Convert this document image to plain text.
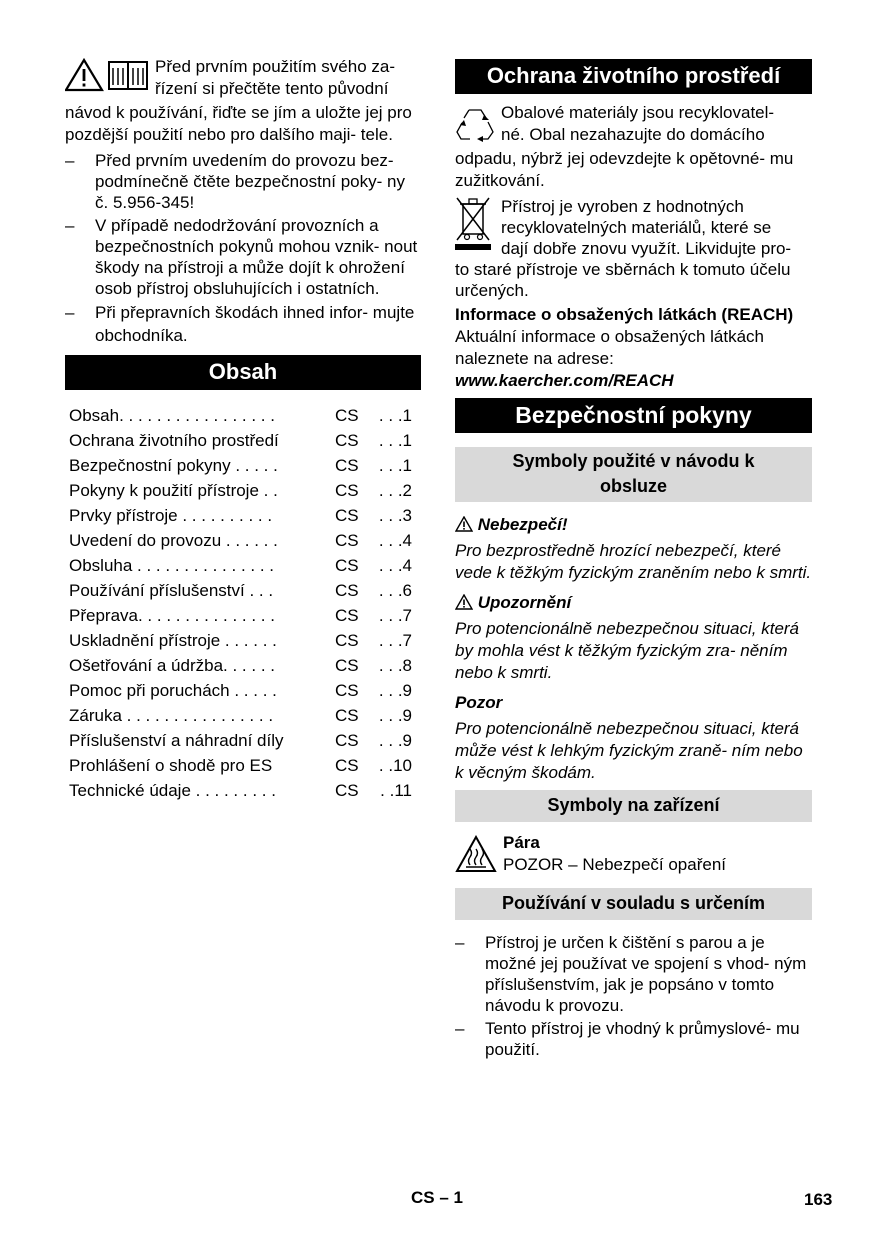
Před prvním použitím svého za-

řízení si přečtěte tento původní

návod k používání, řiďte se jím a uložte jej pro pozdější použití nebo pro dalšího maji- tele.

–	Před prvním uvedením do provozu bez- podmínečně čtěte bezpečnostní poky- ny č. 5.956-345!
–	V případě nedodržování provozních a bezpečnostních pokynů mohou vznik- nout škody na přístroji a může dojít k ohrožení osob přístroj obsluhujících i ostatních.
–	Při přepravních škodách ihned infor- mujte obchodníka.
Obsah
Obsah. . . . . . . . . . . . . . . . .	CS	. . .1
Ochrana životního prostředí	CS	. . .1
Bezpečnostní pokyny . . . . .	CS	. . .1
Pokyny k použití přístroje . .	CS	. . .2
Prvky přístroje . . . . . . . . . .	CS	. . .3
Uvedení do provozu . . . . . .	CS	. . .4
Obsluha . . . . . . . . . . . . . . .	CS	. . .4
Používání příslušenství . . .	CS	. . .6
Přeprava. . . . . . . . . . . . . . .	CS	. . .7
Uskladnění přístroje . . . . . .	CS	. . .7
Ošetřování a údržba. . . . . .	CS	. . .8
Pomoc při poruchách . . . . .	CS	. . .9
Záruka . . . . . . . . . . . . . . . .	CS	. . .9
Příslušenství a náhradní díly	CS	. . .9
Prohlášení o shodě pro ES	CS	. .10
Technické údaje . . . . . . . . .	CS	. .11
Ochrana životního prostředí

Obalové materiály jsou recyklovatel-

né. Obal nezahazujte do domácího

odpadu, nýbrž jej odevzdejte k opětovné- mu zužitkování.

Přístroj je vyroben z hodnotných

recyklovatelných materiálů, které se

dají dobře znovu využít. Likvidujte pro-

to staré přístroje ve sběrnách k tomuto účelu určených.

Informace o obsažených látkách (REACH)

Aktuální informace o obsažených látkách naleznete na adrese:

www.kaercher.com/REACH

Bezpečnostní pokyny
Symboly použité v návodu k obsluze
Nebezpečí!

Pro bezprostředně hrozící nebezpečí, které vede k těžkým fyzickým zraněním nebo k smrti.

Upozornění

Pro potencionálně nebezpečnou situaci, která by mohla vést k těžkým fyzickým zra- něním nebo k smrti.

Pozor

Pro potencionálně nebezpečnou situaci, která může vést k lehkým fyzickým zraně- ním nebo k věcným škodám.

Symboly na zařízení

Pára

POZOR – Nebezpečí opaření

Používání v souladu s určením
–	Přístroj je určen k čištění s parou a je možné jej používat ve spojení s vhod- ným příslušenstvím, jak je popsáno v tomto návodu k provozu.
–	Tento přístroj je vhodný k průmyslové- mu použití.
CS – 1	163
